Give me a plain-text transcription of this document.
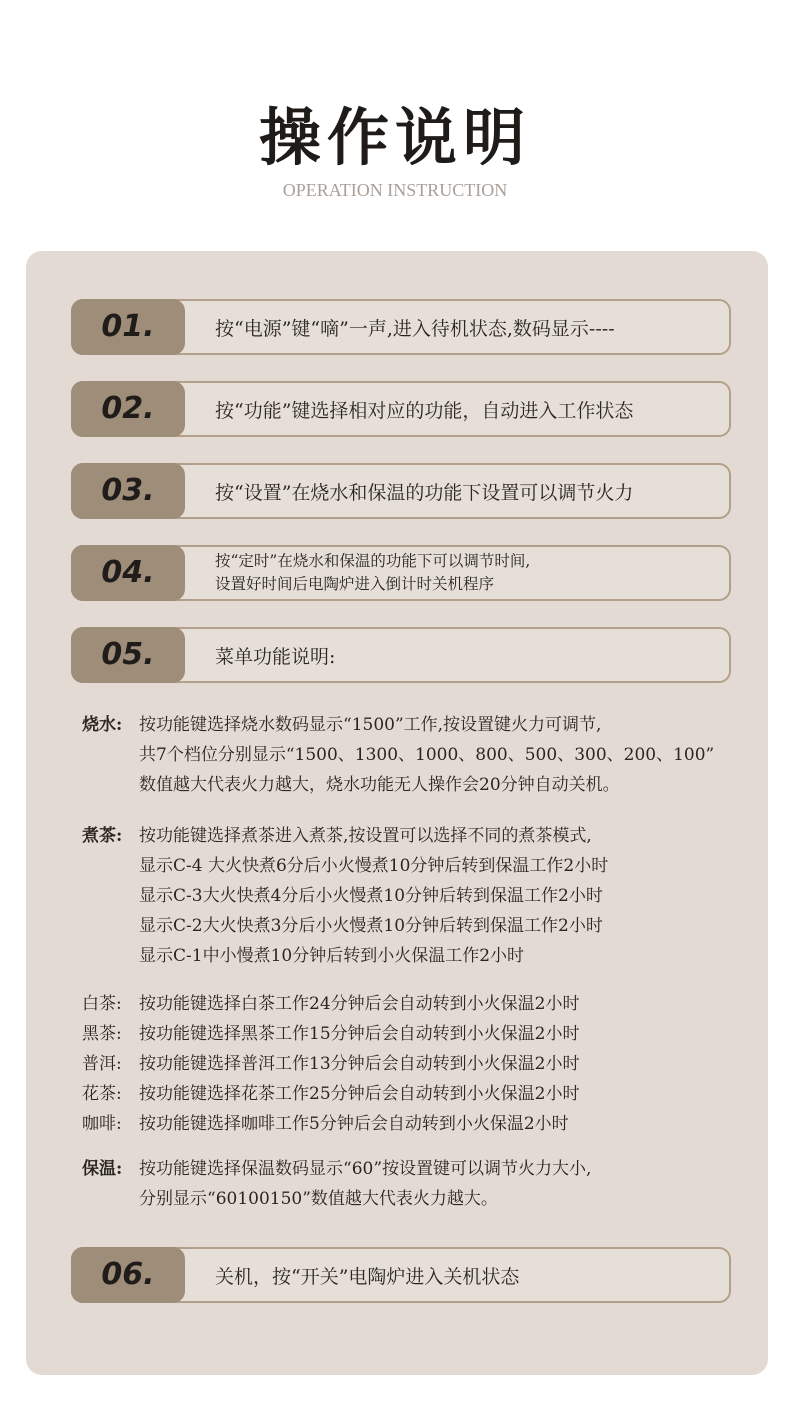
操作说明
OPERATION INSTRUCTION
01.	按“电源”键“嘀”一声,进入待机状态,数码显示----
02.	按“功能”键选择相对应的功能，自动进入工作状态
03.	按“设置”在烧水和保温的功能下设置可以调节火力
04.	按“定时”在烧水和保温的功能下可以调节时间,
设置好时间后电陶炉进入倒计时关机程序
05.	菜单功能说明:
烧水: 按功能键选择烧水数码显示“1500”工作,按设置键火力可调节,
共7个档位分别显示“1500、1300、1000、800、500、300、200、100”
数值越大代表火力越大，烧水功能无人操作会20分钟自动关机。
煮茶: 按功能键选择煮茶进入煮茶,按设置可以选择不同的煮茶模式,
显示C-4 大火快煮6分后小火慢煮10分钟后转到保温工作2小时
显示C-3大火快煮4分后小火慢煮10分钟后转到保温工作2小时
显示C-2大火快煮3分后小火慢煮10分钟后转到保温工作2小时
显示C-1中小慢煮10分钟后转到小火保温工作2小时
白茶: 按功能键选择白茶工作24分钟后会自动转到小火保温2小时
黑茶: 按功能键选择黑茶工作15分钟后会自动转到小火保温2小时
普洱: 按功能键选择普洱工作13分钟后会自动转到小火保温2小时
花茶: 按功能键选择花茶工作25分钟后会自动转到小火保温2小时
咖啡: 按功能键选择咖啡工作5分钟后会自动转到小火保温2小时
保温: 按功能键选择保温数码显示“60”按设置键可以调节火力大小,
分别显示“60100150”数值越大代表火力越大。
06.	关机，按“开关”电陶炉进入关机状态
